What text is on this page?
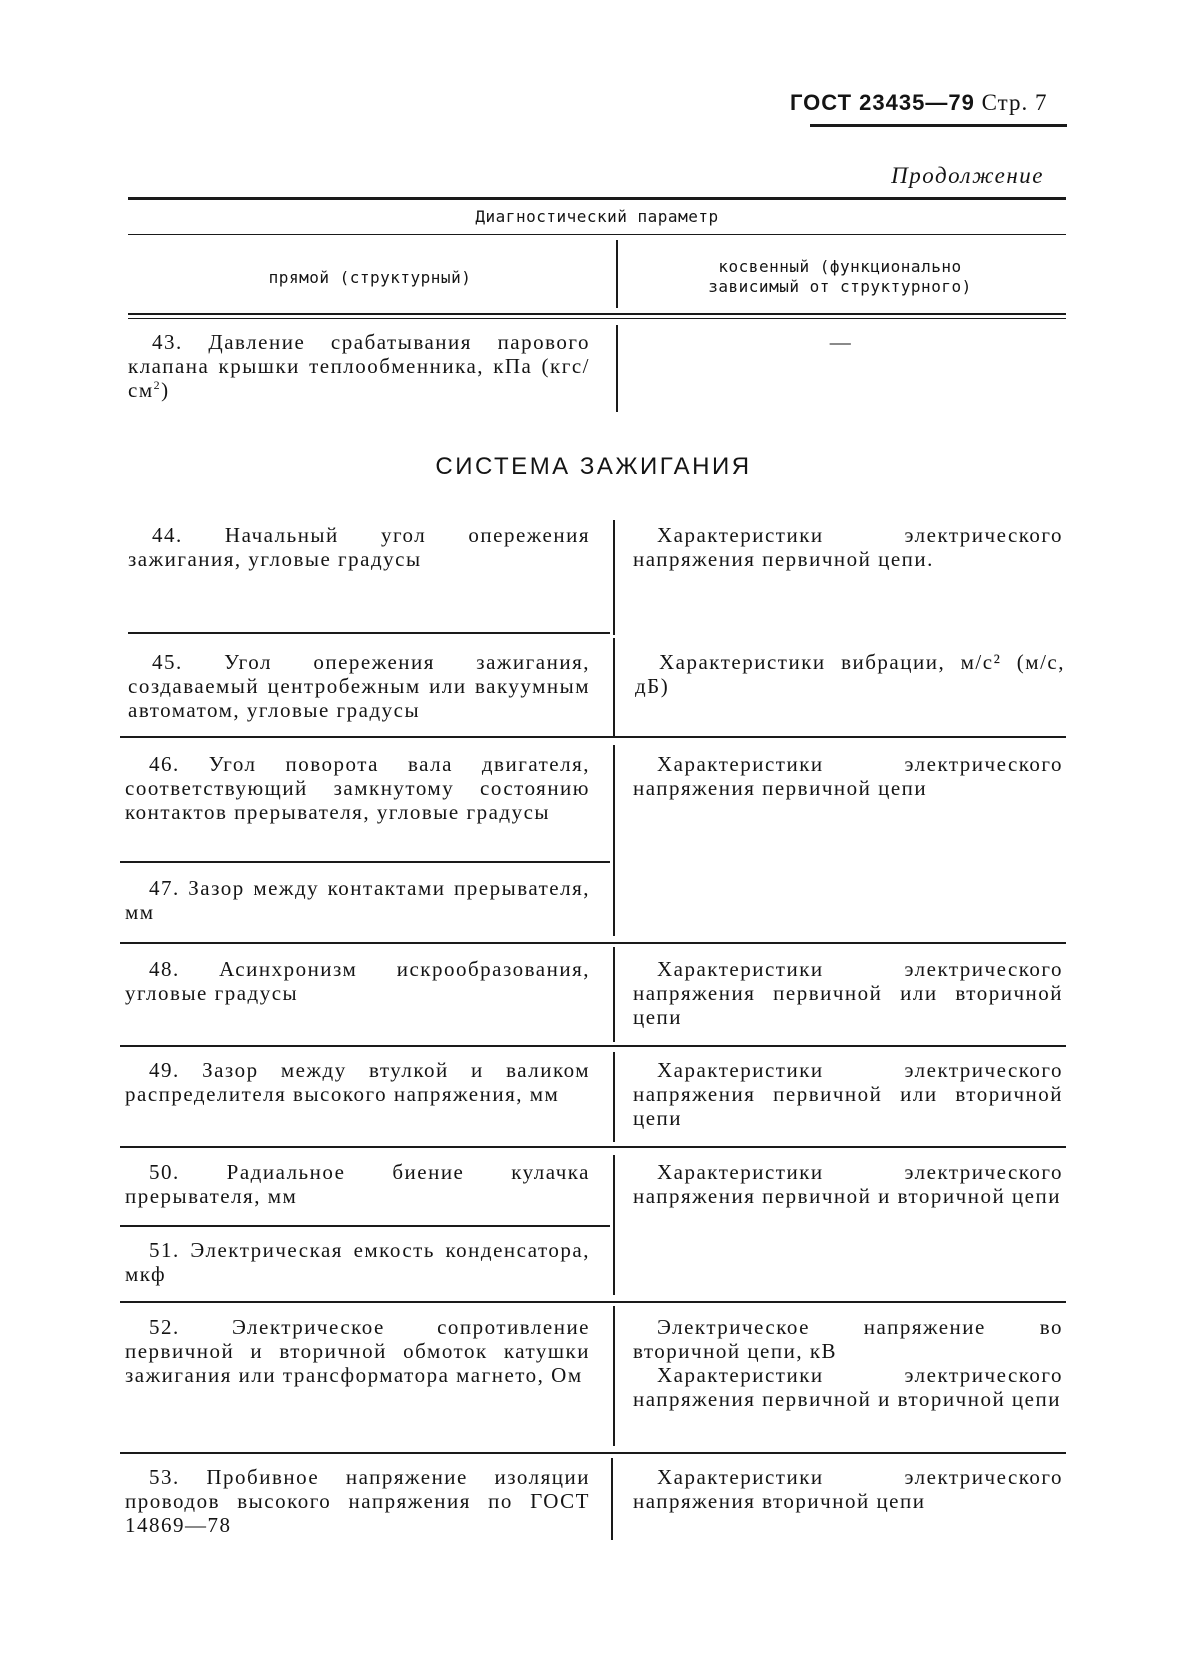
ГОСТ 23435—79 Стр. 7
Продолжение
Диагностический параметр
прямой (структурный)
косвенный (функционально зависимый от структурного)
43. Давление срабатывания парового клапана крышки теплообменника, кПа $(кгс/см^2)$
—
СИСТЕМА ЗАЖИГАНИЯ
44. Начальный угол опережения зажигания, угловые градусы
Характеристики электрического напряжения первичной цепи.
45. Угол опережения зажигания, создаваемый центробежным или вакуумным автоматом, угловые градусы
Характеристики вибрации, м/с² (м/с, дБ)
46. Угол поворота вала двигателя, соответствующий замкнутому состоянию контактов прерывателя, угловые градусы
Характеристики электрического напряжения первичной цепи
47. Зазор между контактами прерывателя, мм
48. Асинхронизм искрообразования, угловые градусы
Характеристики электрического напряжения первичной или вторичной цепи
49. Зазор между втулкой и валиком распределителя высокого напряжения, мм
Характеристики электрического напряжения первичной или вторичной цепи
50. Радиальное биение кулачка прерывателя, мм
Характеристики электрического напряжения первичной и вторичной цепи
51. Электрическая емкость конденсатора, мкф
52. Электрическое сопротивление первичной и вторичной обмоток катушки зажигания или трансформатора магнето, Ом
Электрическое напряжение во вторичной цепи, кВ
Характеристики электрического напряжения первичной и вторичной цепи
53. Пробивное напряжение изоляции проводов высокого напряжения по ГОСТ 14869—78
Характеристики электрического напряжения вторичной цепи
